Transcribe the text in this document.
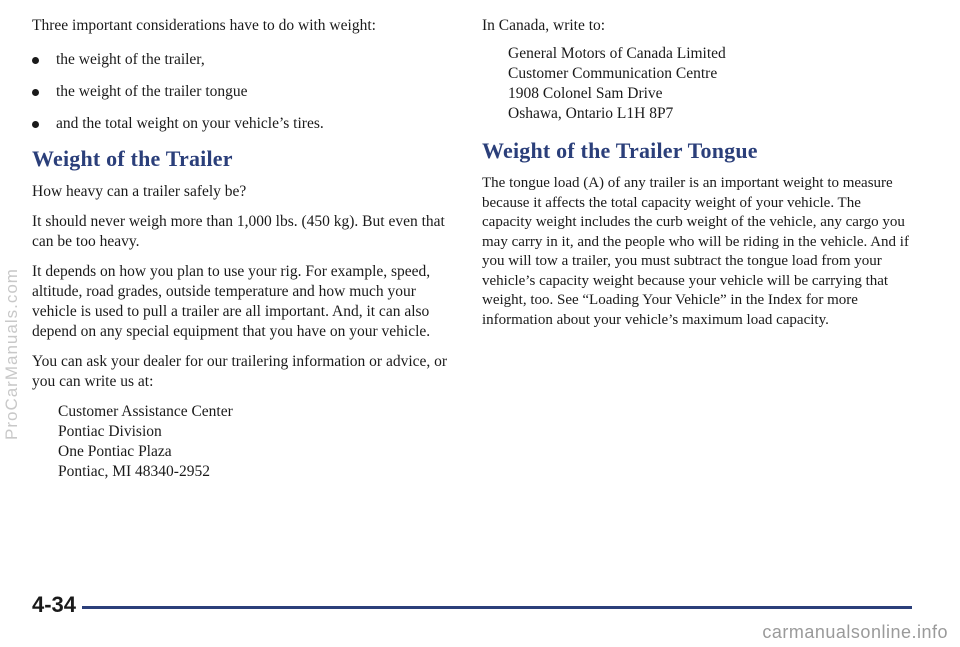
Three important considerations have to do with weight:

the weight of the trailer,
the weight of the trailer tongue
and the total weight on your vehicle’s tires.
Weight of the Trailer

How heavy can a trailer safely be?

It should never weigh more than 1,000 lbs. (450 kg). But even that can be too heavy.

It depends on how you plan to use your rig. For example, speed, altitude, road grades, outside temperature and how much your vehicle is used to pull a trailer are all important. And, it can also depend on any special equipment that you have on your vehicle.

You can ask your dealer for our trailering information or advice, or you can write us at:

Customer Assistance Center

Pontiac Division

One Pontiac Plaza

Pontiac, MI 48340-2952

In Canada, write to:

General Motors of Canada Limited

Customer Communication Centre

1908 Colonel Sam Drive

Oshawa, Ontario L1H 8P7

Weight of the Trailer Tongue

The tongue load (A) of any trailer is an important weight to measure because it affects the total capacity weight of your vehicle. The capacity weight includes the curb weight of the vehicle, any cargo you may carry in it, and the people who will be riding in the vehicle. And if you will tow a trailer, you must subtract the tongue load from your vehicle’s capacity weight because your vehicle will be carrying that weight, too. See “Loading Your Vehicle” in the Index for more information about your vehicle’s maximum load capacity.

4-34
ProCarManuals.com
carmanualsonline.info
